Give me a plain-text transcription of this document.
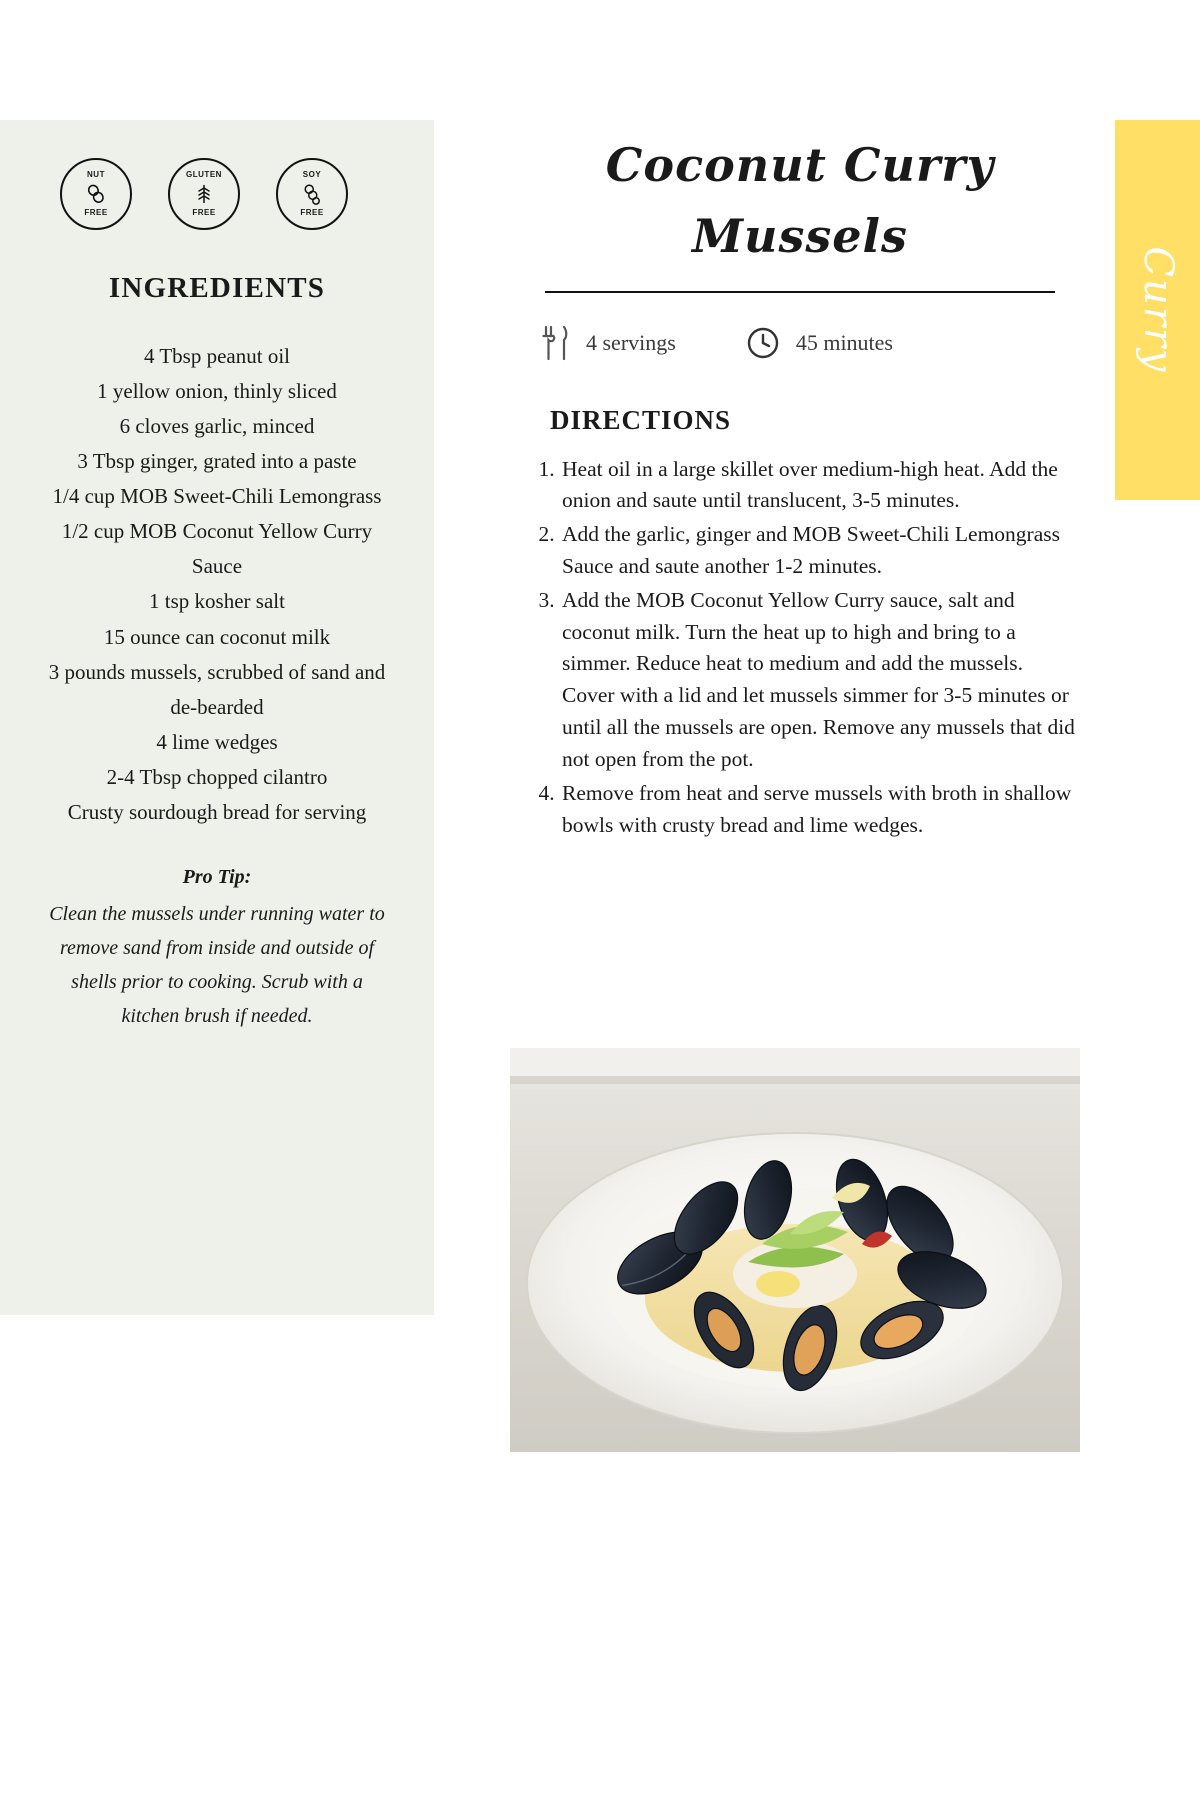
NUT
FREE
GLUTEN
FREE
SOY
FREE
INGREDIENTS
4 Tbsp peanut oil
1 yellow onion, thinly sliced
6 cloves garlic, minced
3 Tbsp ginger, grated into a paste
1/4 cup MOB Sweet-Chili Lemongrass
1/2 cup MOB Coconut Yellow Curry Sauce
1 tsp kosher salt
15 ounce can coconut milk
3 pounds mussels, scrubbed of sand and de-bearded
4 lime wedges
2-4 Tbsp chopped cilantro
Crusty sourdough bread for serving
Pro Tip:
Clean the mussels under running water to remove sand from inside and outside of shells prior to cooking. Scrub with a kitchen brush if needed.
Curry
Coconut Curry Mussels
4 servings	45 minutes
DIRECTIONS
1. Heat oil in a large skillet over medium-high heat. Add the onion and saute until translucent, 3-5 minutes.
2. Add the garlic, ginger and MOB Sweet-Chili Lemongrass Sauce and saute another 1-2 minutes.
3. Add the MOB Coconut Yellow Curry sauce, salt and coconut milk. Turn the heat up to high and bring to a simmer. Reduce heat to medium and add the mussels. Cover with a lid and let mussels simmer for 3-5 minutes or until all the mussels are open. Remove any mussels that did not open from the pot.
4. Remove from heat and serve mussels with broth in shallow bowls with crusty bread and lime wedges.
